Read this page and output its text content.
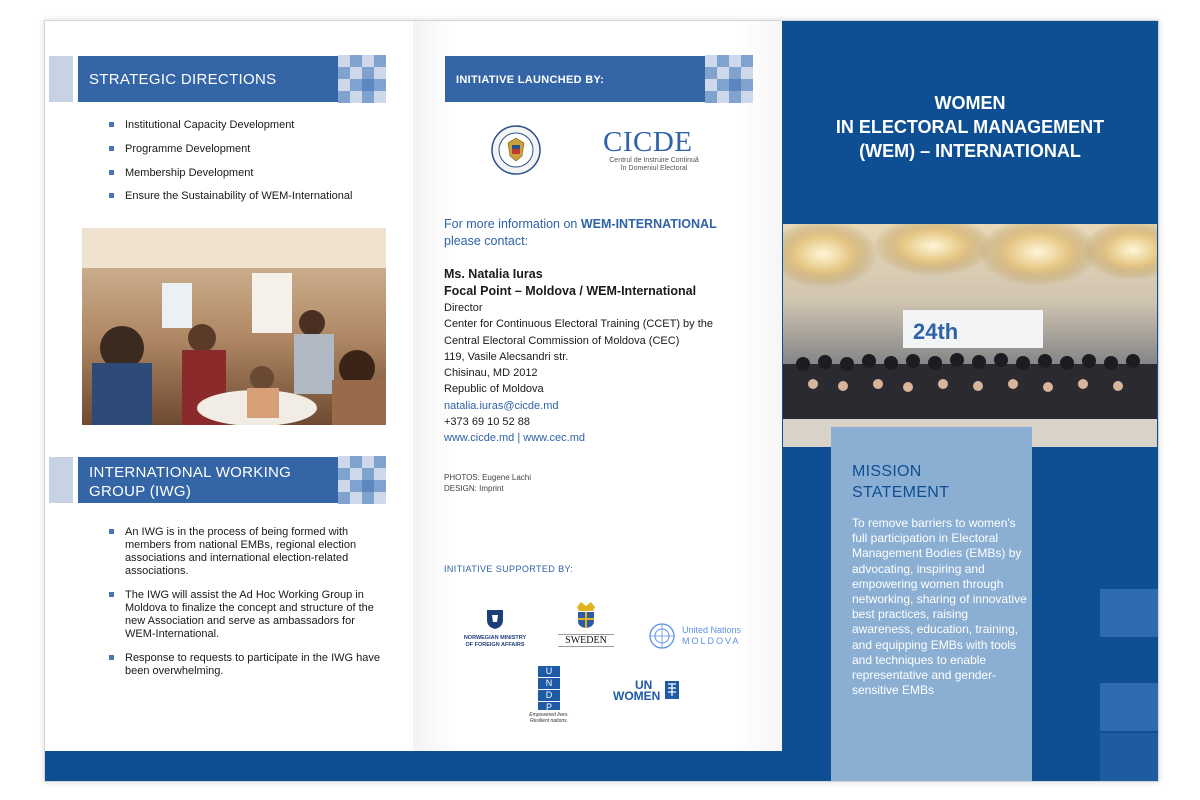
STRATEGIC DIRECTIONS
Institutional Capacity Development
Programme Development
Membership Development
Ensure the Sustainability of WEM-International
INTERNATIONAL WORKING
GROUP (IWG)
An IWG is in the process of being formed with members from national EMBs, regional election associations and international election-related associations.
The IWG will assist the Ad Hoc Working Group in Moldova to finalize the concept and structure of the new Association and serve as ambassadors for WEM-International.
Response to requests to participate in the IWG have been overwhelming.
INITIATIVE LAUNCHED BY:
CICDE
Centrul de Instruire Continuă
în Domeniul Electoral
For more information on WEM-INTERNATIONAL
please contact:
Ms. Natalia Iuras
Focal Point – Moldova / WEM-International
Director
Center for Continuous Electoral Training (CCET) by the
Central Electoral Commission of Moldova (CEC)
119, Vasile Alecsandri str.
Chisinau, MD 2012
Republic of Moldova
natalia.iuras@cicde.md
+373 69 10 52 88
www.cicde.md | www.cec.md
PHOTOS: Eugene Lachi
DESIGN: Imprint
INITIATIVE SUPPORTED BY:
NORWEGIAN MINISTRY
OF FOREIGN AFFAIRS	SWEDEN
United Nations
MOLDOVA
U
N
D
P
Empowered lives.
Resilient nations.
UN
WOMEN
WOMEN
IN ELECTORAL MANAGEMENT
(WEM) – INTERNATIONAL
24th
MISSION
STATEMENT
To remove barriers to women's full participation in Electoral Management Bodies (EMBs) by advocating, inspiring and empowering women through networking, sharing of innovative best practices, raising awareness, education, training, and equipping EMBs with tools and techniques to enable representative and gender-sensitive EMBs
